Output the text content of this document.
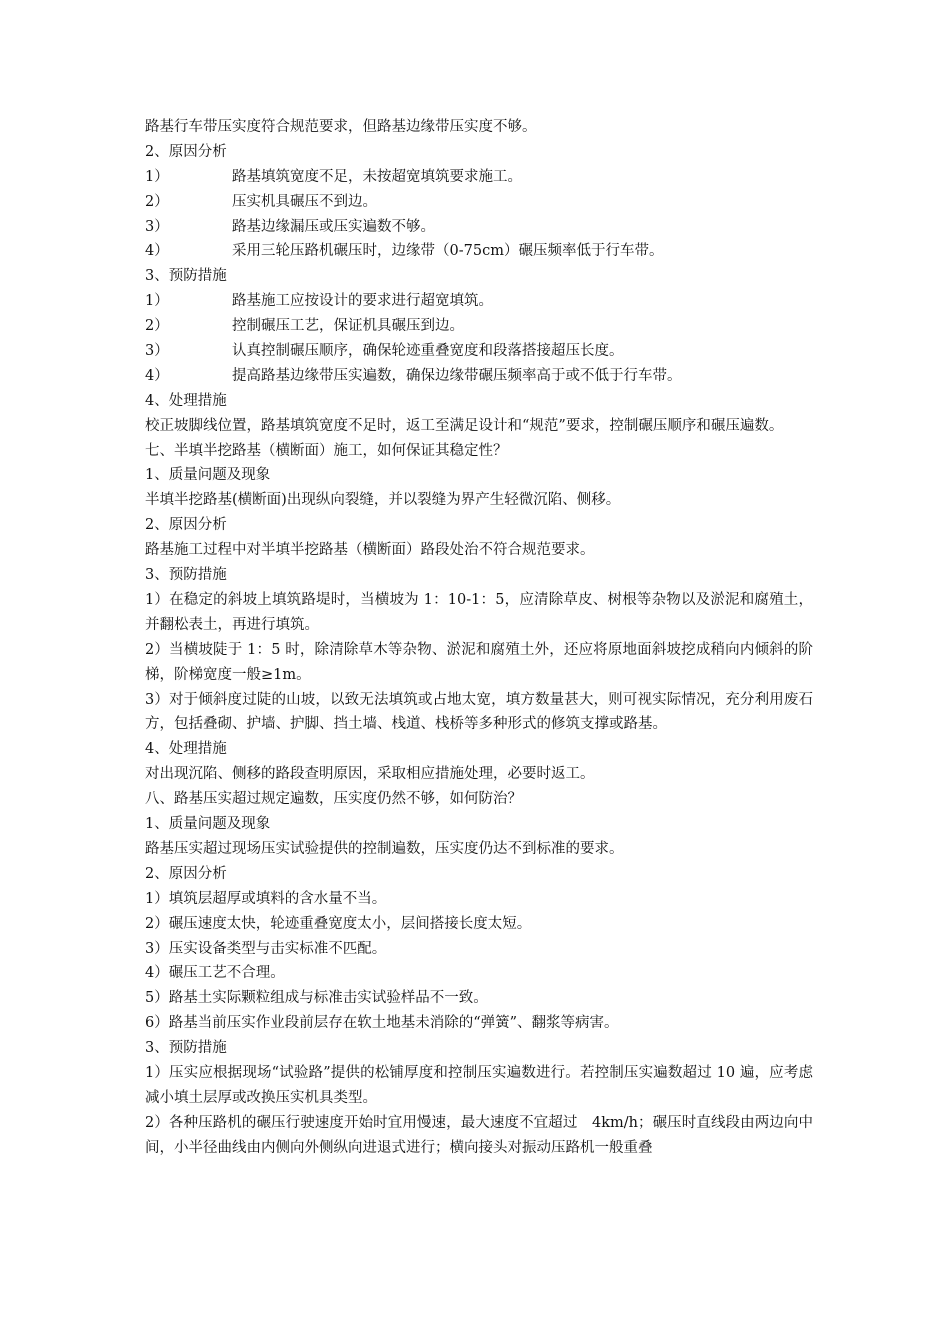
路基行车带压实度符合规范要求，但路基边缘带压实度不够。
2、原因分析
1）	路基填筑宽度不足，未按超宽填筑要求施工。
2）	压实机具碾压不到边。
3）	路基边缘漏压或压实遍数不够。
4）	采用三轮压路机碾压时，边缘带（0-75cm）碾压频率低于行车带。
3、预防措施
1）	路基施工应按设计的要求进行超宽填筑。
2）	控制碾压工艺，保证机具碾压到边。
3）	认真控制碾压顺序，确保轮迹重叠宽度和段落搭接超压长度。
4）	提高路基边缘带压实遍数，确保边缘带碾压频率高于或不低于行车带。
4、处理措施
校正坡脚线位置，路基填筑宽度不足时，返工至满足设计和“规范”要求，控制碾压顺序和碾压遍数。
七、半填半挖路基（横断面）施工，如何保证其稳定性？
1、质量问题及现象
半填半挖路基(横断面)出现纵向裂缝，并以裂缝为界产生轻微沉陷、侧移。
2、原因分析
路基施工过程中对半填半挖路基（横断面）路段处治不符合规范要求。
3、预防措施
1）在稳定的斜坡上填筑路堤时，当横坡为 1：10-1：5，应清除草皮、树根等杂物以及淤泥和腐殖土，并翻松表土，再进行填筑。
2）当横坡陡于 1：5 时，除清除草木等杂物、淤泥和腐殖土外，还应将原地面斜坡挖成稍向内倾斜的阶梯，阶梯宽度一般≥1m。
3）对于倾斜度过陡的山坡，以致无法填筑或占地太宽，填方数量甚大，则可视实际情况，充分利用废石方，包括叠砌、护墙、护脚、挡土墙、栈道、栈桥等多种形式的修筑支撑或路基。
4、处理措施
对出现沉陷、侧移的路段查明原因，采取相应措施处理，必要时返工。
八、路基压实超过规定遍数，压实度仍然不够，如何防治？
1、质量问题及现象
路基压实超过现场压实试验提供的控制遍数，压实度仍达不到标准的要求。
2、原因分析
1）填筑层超厚或填料的含水量不当。
2）碾压速度太快，轮迹重叠宽度太小，层间搭接长度太短。
3）压实设备类型与击实标准不匹配。
4）碾压工艺不合理。
5）路基土实际颗粒组成与标准击实试验样品不一致。
6）路基当前压实作业段前层存在软土地基未消除的“弹簧”、翻浆等病害。
3、预防措施
1）压实应根据现场“试验路”提供的松铺厚度和控制压实遍数进行。若控制压实遍数超过 10 遍，应考虑减小填土层厚或改换压实机具类型。
2）各种压路机的碾压行驶速度开始时宜用慢速，最大速度不宜超过　4km/h；碾压时直线段由两边向中间，小半径曲线由内侧向外侧纵向进退式进行；横向接头对振动压路机一般重叠
